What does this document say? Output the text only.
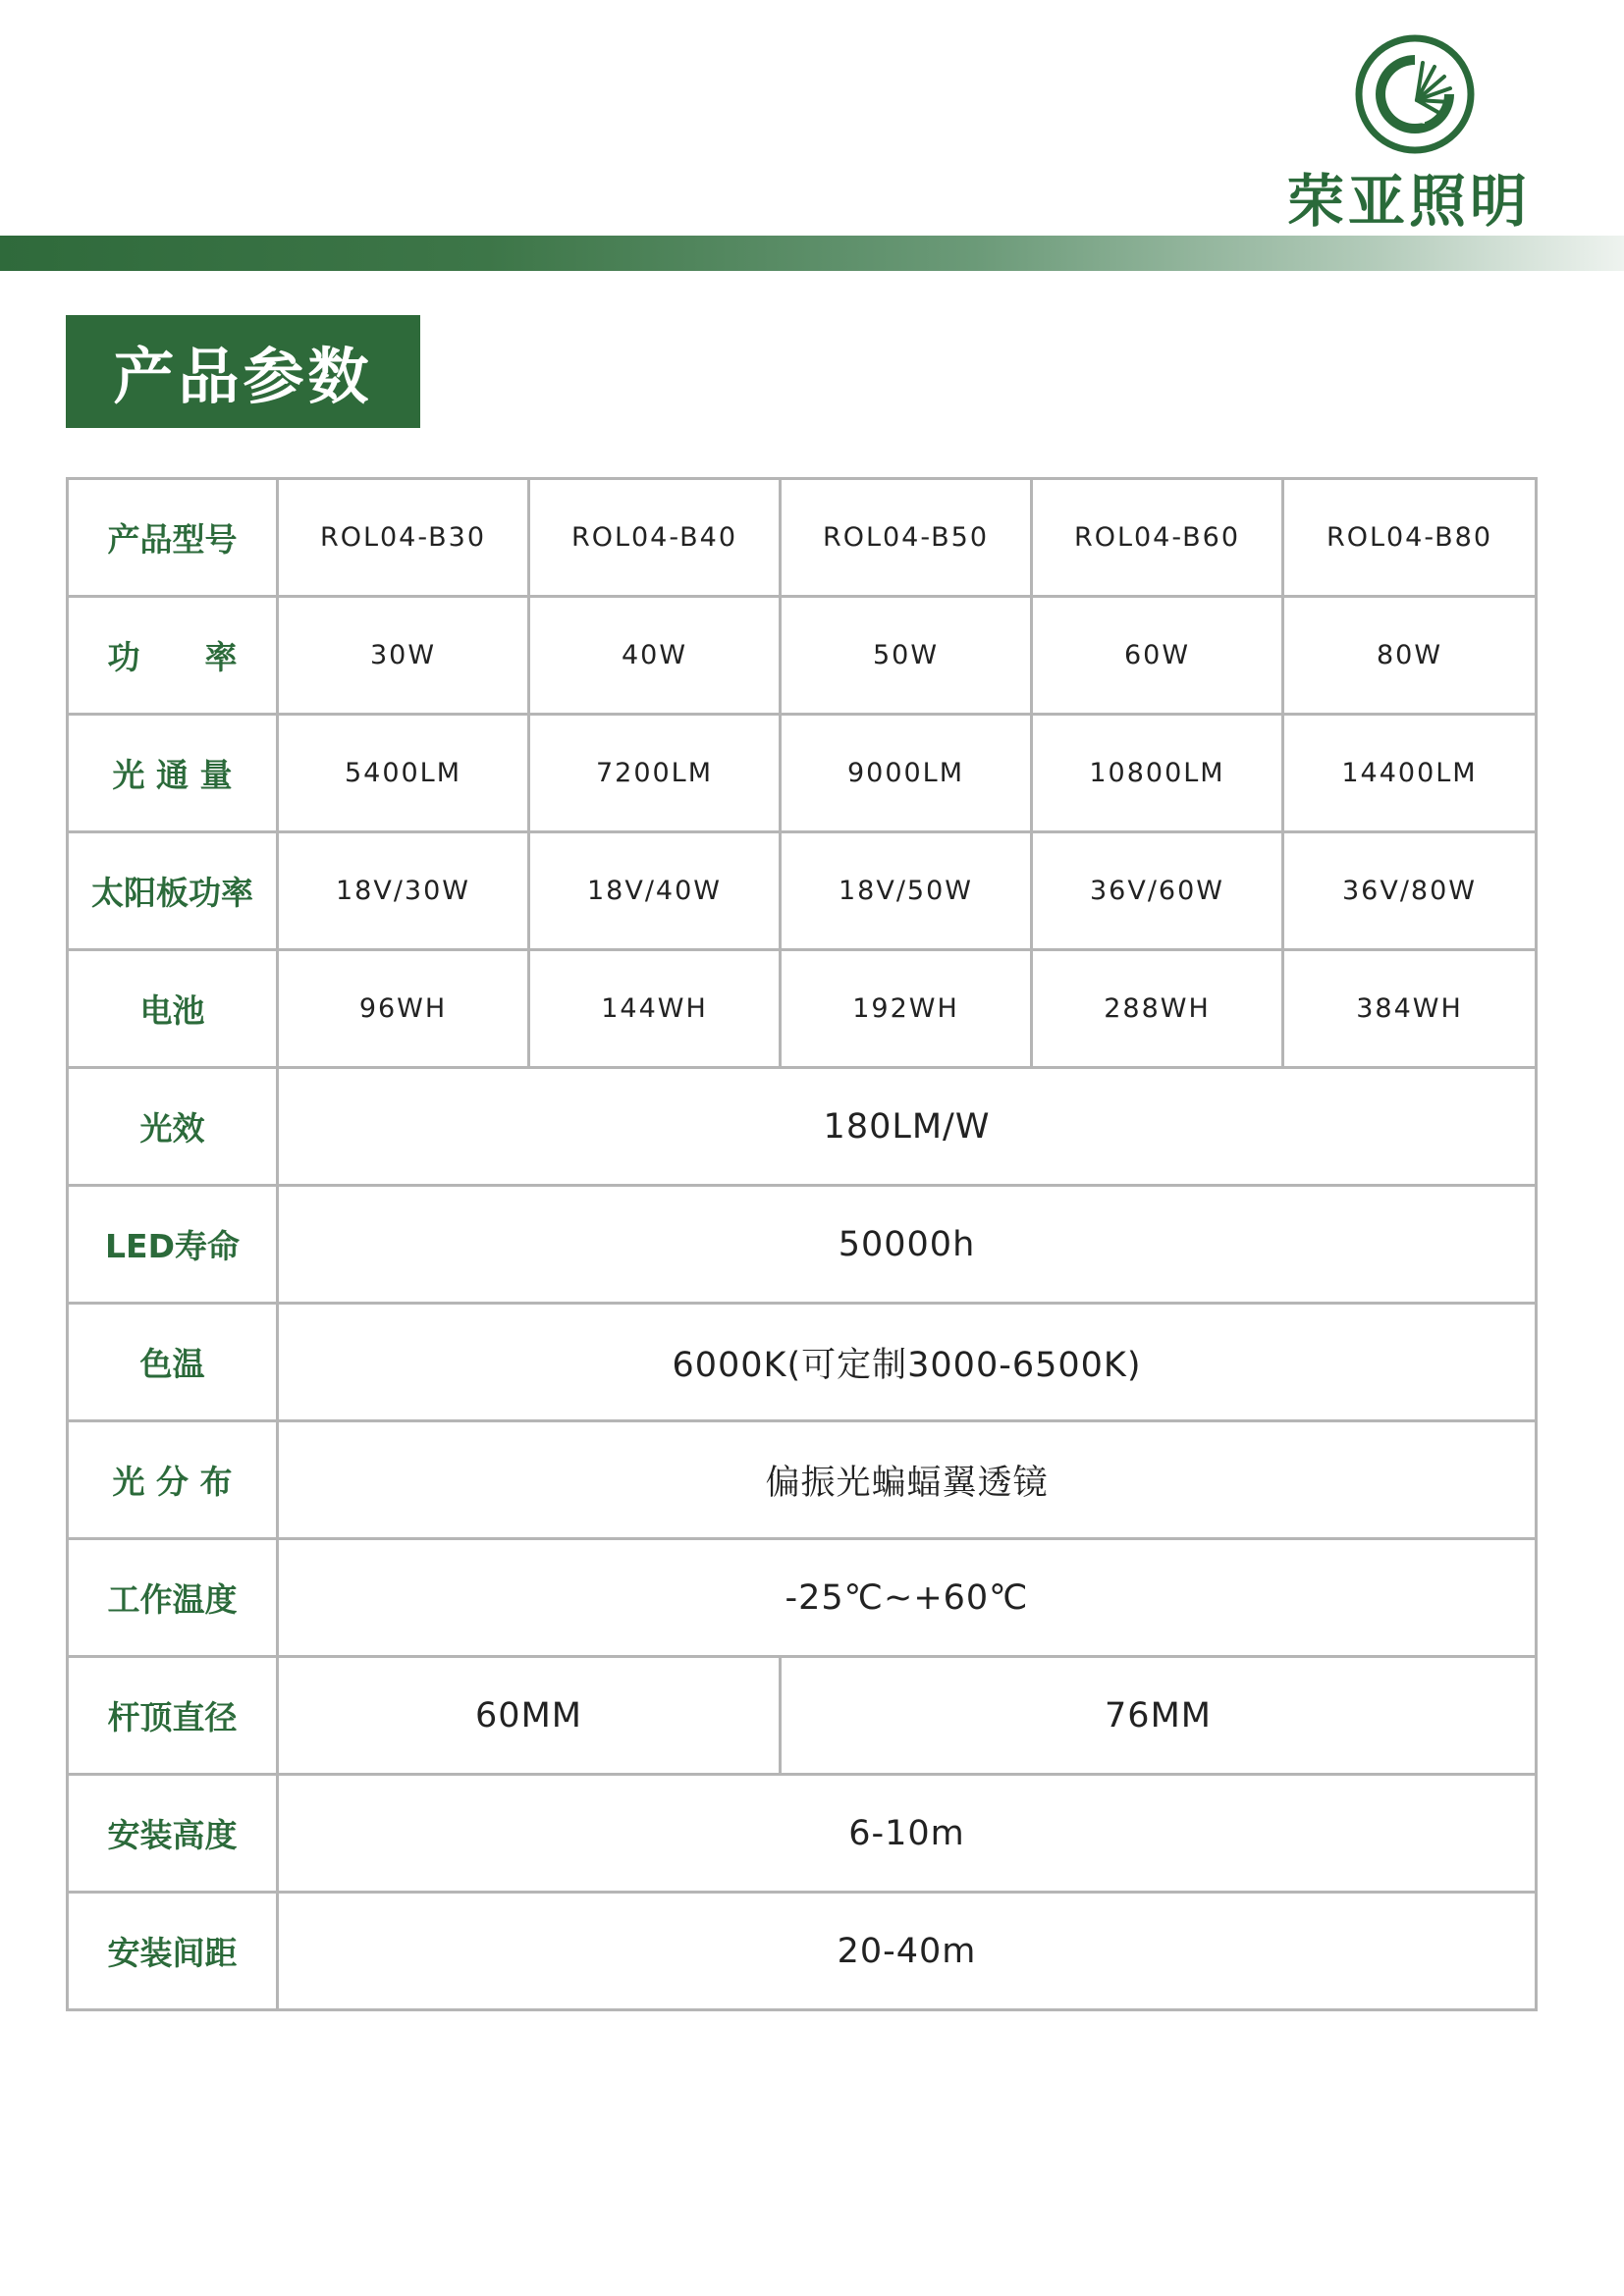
荣亚照明
产品参数
产品型号	ROL04-B30	ROL04-B40	ROL04-B50	ROL04-B60	ROL04-B80
功　　率	30W	40W	50W	60W	80W
光 通 量	5400LM	7200LM	9000LM	10800LM	14400LM
太阳板功率	18V/30W	18V/40W	18V/50W	36V/60W	36V/80W
电池	96WH	144WH	192WH	288WH	384WH
光效	180LM/W				
LED寿命	50000h				
色温	6000K(可定制3000-6500K)				
光 分 布	偏振光蝙蝠翼透镜				
工作温度	-25℃~+60℃				
杆顶直径	60MM		76MM		
安装高度	6-10m				
安装间距	20-40m				
